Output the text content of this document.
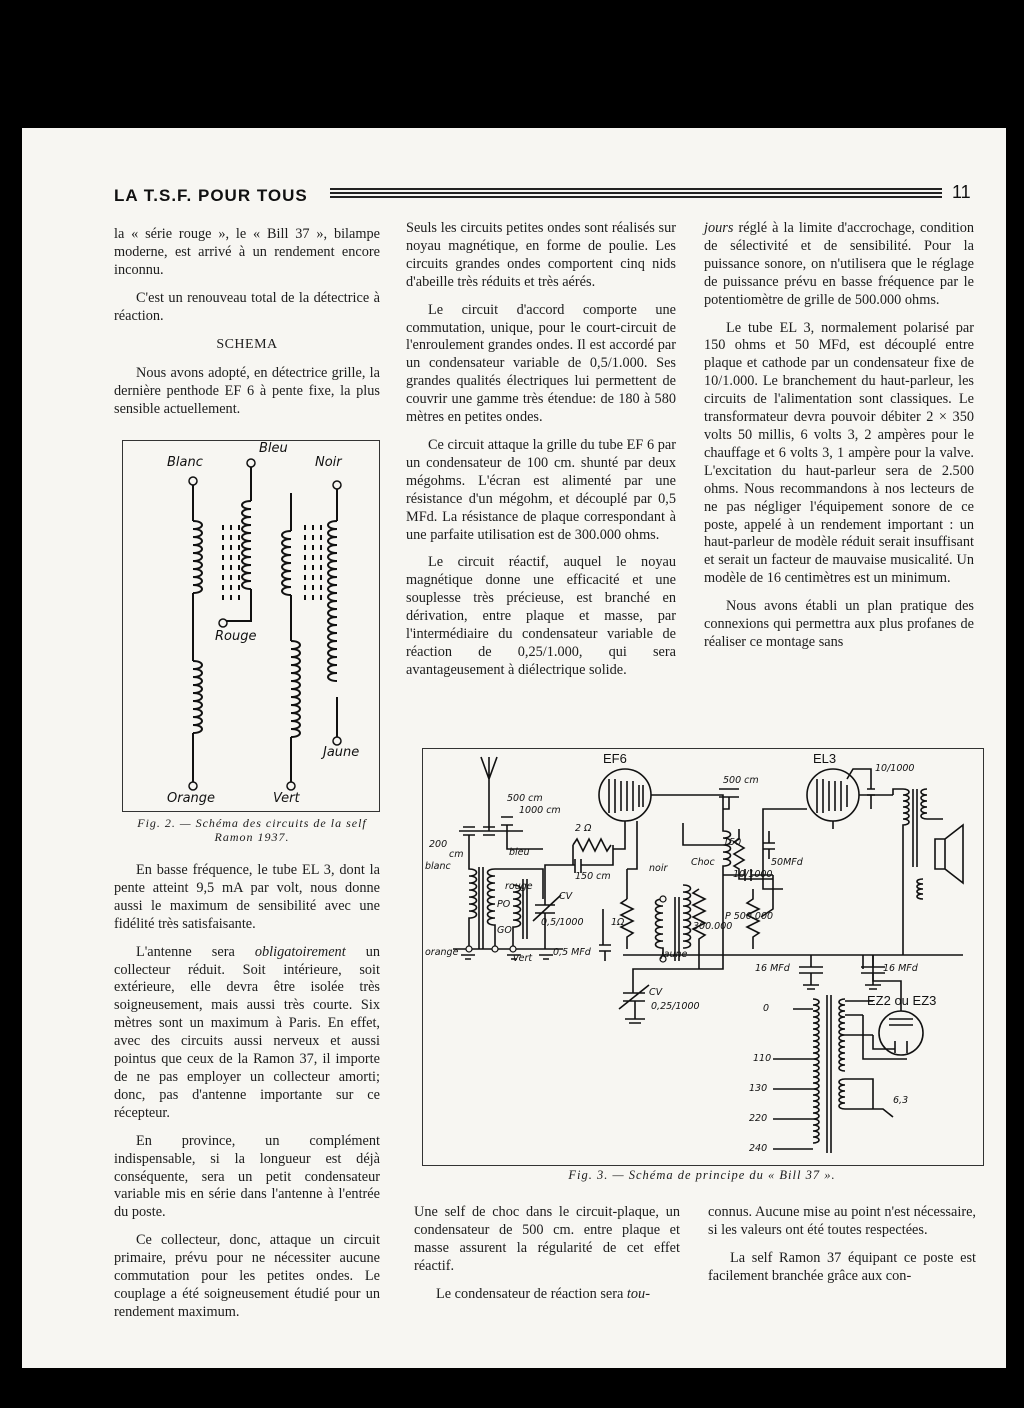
LA T.S.F. POUR TOUS	11

la « série rouge », le « Bill 37 », bilampe moderne, est arrivé à un rendement encore inconnu.

C'est un renouveau total de la détectrice à réaction.

SCHEMA

Nous avons adopté, en détectrice grille, la dernière penthode EF 6 à pente fixe, la plus sensible actuellement.

Blanc
Bleu
Noir
Rouge
Jaune
Orange	Vert
Fig. 2. — Schéma des circuits de la self Ramon 1937.

En basse fréquence, le tube EL 3, dont la pente atteint 9,5 mA par volt, nous donne aussi le maximum de sensibilité avec une fidélité très satisfaisante.

L'antenne sera obligatoirement un collecteur réduit. Soit intérieure, soit extérieure, elle devra être isolée très soigneusement, mais aussi très courte. Six mètres sont un maximum à Paris. En effet, avec des circuits aussi nerveux et aussi pointus que ceux de la Ramon 37, il importe de ne pas employer un collecteur amorti; donc, pas d'antenne importante sur ce récepteur.

En province, un complément indispensable, si la longueur est déjà conséquente, sera un petit condensateur variable mis en série dans l'antenne à l'entrée du poste.

Ce collecteur, donc, attaque un circuit primaire, prévu pour ne nécessiter aucune commutation pour les petites ondes. Le couplage a été soigneusement étudié pour un rendement maximum.

Seuls les circuits petites ondes sont réalisés sur noyau magnétique, en forme de poulie. Les circuits grandes ondes comportent cinq nids d'abeille très réduits et très aérés.

Le circuit d'accord comporte une commutation, unique, pour le court-circuit de l'enroulement grandes ondes. Il est accordé par un condensateur variable de 0,5/1.000. Ses grandes qualités électriques lui permettent de couvrir une gamme très étendue: de 180 à 580 mètres en petites ondes.

Ce circuit attaque la grille du tube EF 6 par un condensateur de 100 cm. shunté par deux mégohms. L'écran est alimenté par une résistance d'un mégohm, et découplé par 0,5 MFd. La résistance de plaque correspondant à une parfaite utilisation est de 300.000 ohms.

Le circuit réactif, auquel le noyau magnétique donne une efficacité et une souplesse très précieuse, est branché en dérivation, entre plaque et masse, par l'intermédiaire du condensateur variable de réaction de 0,25/1.000, qui sera avantageusement à diélectrique solide.

jours réglé à la limite d'accrochage, condition de sélectivité et de sensibilité. Pour la puissance sonore, on n'utilisera que le réglage de puissance prévu en basse fréquence par le potentiomètre de grille de 500.000 ohms.

Le tube EL 3, normalement polarisé par 150 ohms et 50 MFd, est découplé entre plaque et cathode par un condensateur fixe de 10/1.000. Le branchement du haut-parleur, les circuits de l'alimentation sont classiques. Le transformateur devra pouvoir débiter 2 × 350 volts 50 millis, 6 volts 3, 2 ampères pour le chauffage et 6 volts 3, 1 ampère pour la valve. L'excitation du haut-parleur sera de 2.500 ohms. Nous recommandons à nos lecteurs de ne pas négliger l'équipement sonore de ce poste, appelé à un rendement important : un haut-parleur de modèle réduit serait insuffisant et serait un facteur de mauvaise musicalité. Un modèle de 16 centimètres est un minimum.

Nous avons établi un plan pratique des connexions qui permettra aux plus profanes de réaliser ce montage sans

EF6	EL3
EZ2 ou EZ3
500 cm
1000 cm
200
cm
blanc
bleu
rouge
orange
vert
PO
GO
2 Ω
150 cm
CV
0,5/1000
0,5 MFd
1Ω
noir
300.000
jaune
Choc
CV
0,25/1000
500 cm
150
50MFd
10/1000
P 500.000
10/1000
16 MFd	16 MFd
0
110
130
220
240
6,3
Fig. 3. — Schéma de principe du « Bill 37 ».

Une self de choc dans le circuit-plaque, un condensateur de 500 cm. entre plaque et masse assurent la régularité de cet effet réactif.

Le condensateur de réaction sera tou-

connus. Aucune mise au point n'est nécessaire, si les valeurs ont été toutes respectées.

La self Ramon 37 équipant ce poste est facilement branchée grâce aux con-
